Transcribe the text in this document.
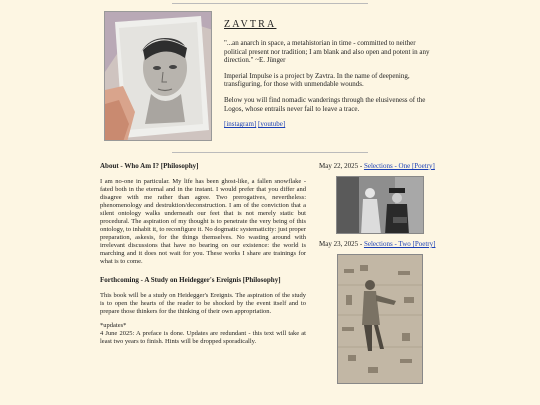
ZAVTRA

"...an anarch in space, a metahistorian in time - committed to neither political present nor tradition; I am blank and also open and potent in any direction." ~E. Jünger

Imperial Impulse is a project by Zavtra. In the name of deepening, transfiguring, for those with unmendable wounds.

Below you will find nomadic wanderings through the elusiveness of the Logos, whose entrails never fail to leave a trace.

[instagram] [youtube]

About - Who Am I? [Philosophy]

I am no-one in particular. My life has been ghost-like, a fallen snowflake - fated both in the eternal and in the instant. I would prefer that you differ and disagree with me rather than agree. Two prerogatives, nevertheless: phenomenology and destruktion/deconstruction. I am of the conviction that a silent ontology walks underneath our feet that is not merely static but procedural. The aspiration of my thought is to penetrate the very being of this ontology, to inhabit it, to reconfigure it. No dogmatic systematicity: just proper preparation, askesis, for the things themselves. No wasting around with irrelevant discussions that have no bearing on our existence: the world is marching and it does not wait for you. These works I share are trainings for what is to come.

Forthcoming - A Study on Heidegger's Ereignis [Philosophy]

This book will be a study on Heidegger's Ereignis. The aspiration of the study is to open the hearts of the reader to be shocked by the event itself and to prepare those thinkers for the thinking of their own appropriation.

*updates*

4 June 2025: A preface is done. Updates are redundant - this text will take at least two years to finish. Hints will be dropped sporadically.

May 22, 2025 - Selections - One [Poetry]
May 23, 2025 - Selections - Two [Poetry]
